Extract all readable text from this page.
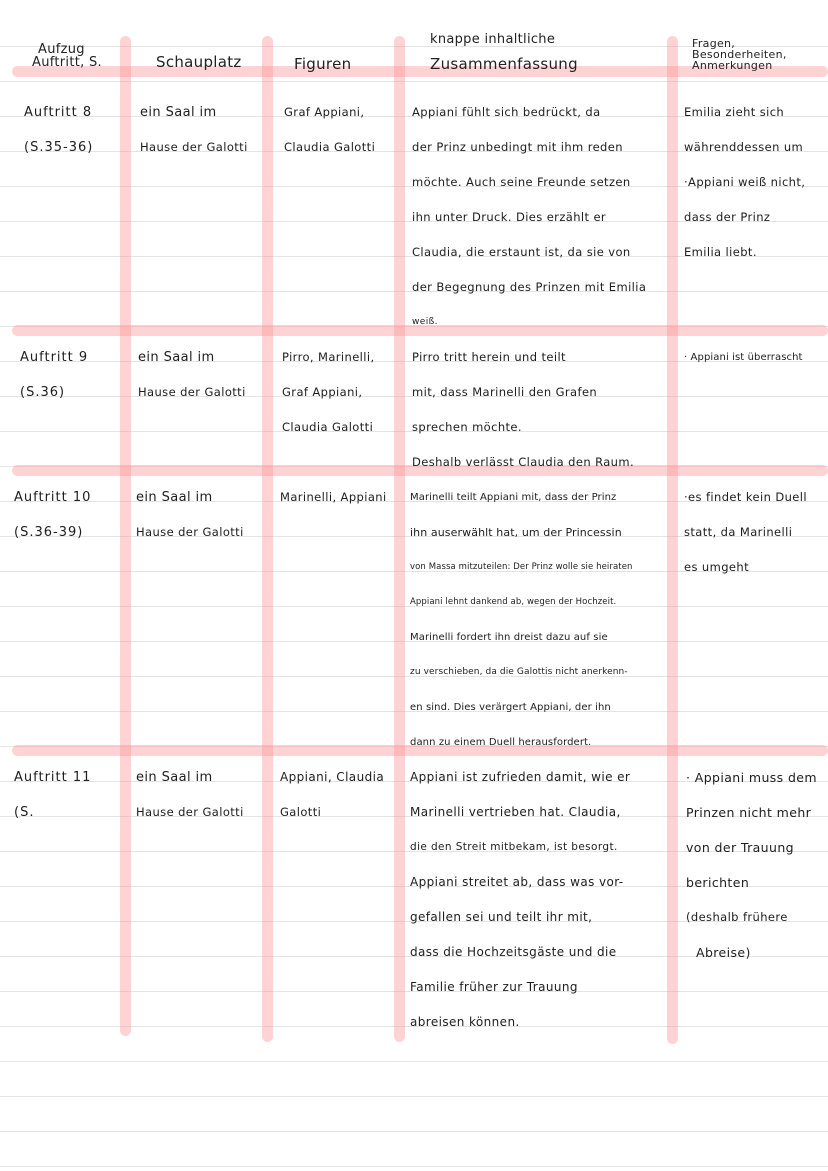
Aufzug
Auftritt, S.	Schauplatz	Figuren
knappe inhaltliche
Zusammenfassung
Fragen,
Besonderheiten,
Anmerkungen
Auftritt 8
(S.35-36)
ein Saal im
Hause der Galotti
Graf Appiani,
Claudia Galotti
Appiani fühlt sich bedrückt, da
der Prinz unbedingt mit ihm reden
möchte. Auch seine Freunde setzen
ihn unter Druck. Dies erzählt er
Claudia, die erstaunt ist, da sie von
der Begegnung des Prinzen mit Emilia
weiß.
Emilia zieht sich
währenddessen um
·Appiani weiß nicht,
dass der Prinz
Emilia liebt.
Auftritt 9
(S.36)
ein Saal im
Hause der Galotti
Pirro, Marinelli,
Graf Appiani,
Claudia Galotti
Pirro tritt herein und teilt
mit, dass Marinelli den Grafen
sprechen möchte.
Deshalb verlässt Claudia den Raum.
· Appiani ist überrascht
Auftritt 10
(S.36-39)
ein Saal im
Hause der Galotti
Marinelli, Appiani Marinelli teilt Appiani mit, dass der Prinz
ihn auserwählt hat, um der Princessin
von Massa mitzuteilen: Der Prinz wolle sie heiraten
Appiani lehnt dankend ab, wegen der Hochzeit.
Marinelli fordert ihn dreist dazu auf sie
zu verschieben, da die Galottis nicht anerkenn-
en sind. Dies verärgert Appiani, der ihn
dann zu einem Duell herausfordert.
·es findet kein Duell
statt, da Marinelli
es umgeht
Auftritt 11
(S.
ein Saal im
Hause der Galotti
Appiani, Claudia
Galotti
Appiani ist zufrieden damit, wie er
Marinelli vertrieben hat. Claudia,
die den Streit mitbekam, ist besorgt.
Appiani streitet ab, dass was vor-
gefallen sei und teilt ihr mit,
dass die Hochzeitsgäste und die
Familie früher zur Trauung
abreisen können.
· Appiani muss dem
Prinzen nicht mehr
von der Trauung
berichten
(deshalb frühere
Abreise)
